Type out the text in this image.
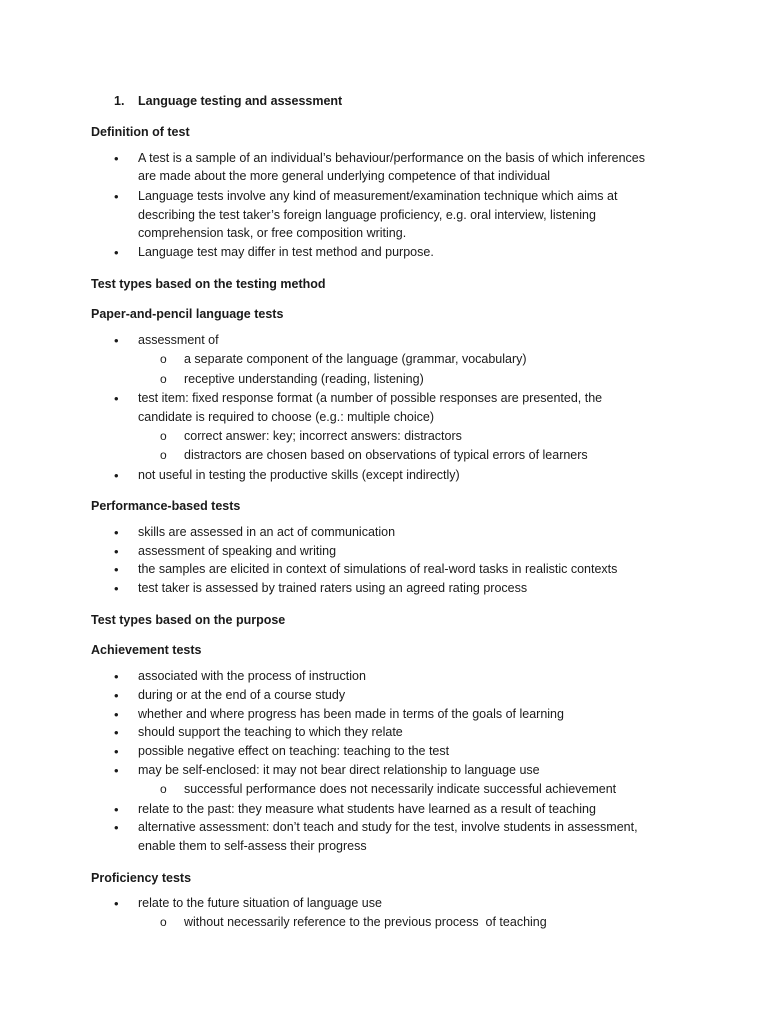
1. Language testing and assessment
Definition of test
• A test is a sample of an individual’s behaviour/performance on the basis of which inferences
are made about the more general underlying competence of that individual
• Language tests involve any kind of measurement/examination technique which aims at
describing the test taker’s foreign language proficiency, e.g. oral interview, listening
comprehension task, or free composition writing.
• Language test may differ in test method and purpose.
Test types based on the testing method
Paper-and-pencil language tests
• assessment of
o a separate component of the language (grammar, vocabulary)
o receptive understanding (reading, listening)
• test item: fixed response format (a number of possible responses are presented, the
candidate is required to choose (e.g.: multiple choice)
o correct answer: key; incorrect answers: distractors
o distractors are chosen based on observations of typical errors of learners
• not useful in testing the productive skills (except indirectly)
Performance-based tests
• skills are assessed in an act of communication
• assessment of speaking and writing
• the samples are elicited in context of simulations of real-word tasks in realistic contexts
• test taker is assessed by trained raters using an agreed rating process
Test types based on the purpose
Achievement tests
• associated with the process of instruction
• during or at the end of a course study
• whether and where progress has been made in terms of the goals of learning
• should support the teaching to which they relate
• possible negative effect on teaching: teaching to the test
• may be self-enclosed: it may not bear direct relationship to language use
o successful performance does not necessarily indicate successful achievement
• relate to the past: they measure what students have learned as a result of teaching
• alternative assessment: don’t teach and study for the test, involve students in assessment,
enable them to self-assess their progress
Proficiency tests
• relate to the future situation of language use
o without necessarily reference to the previous process  of teaching
